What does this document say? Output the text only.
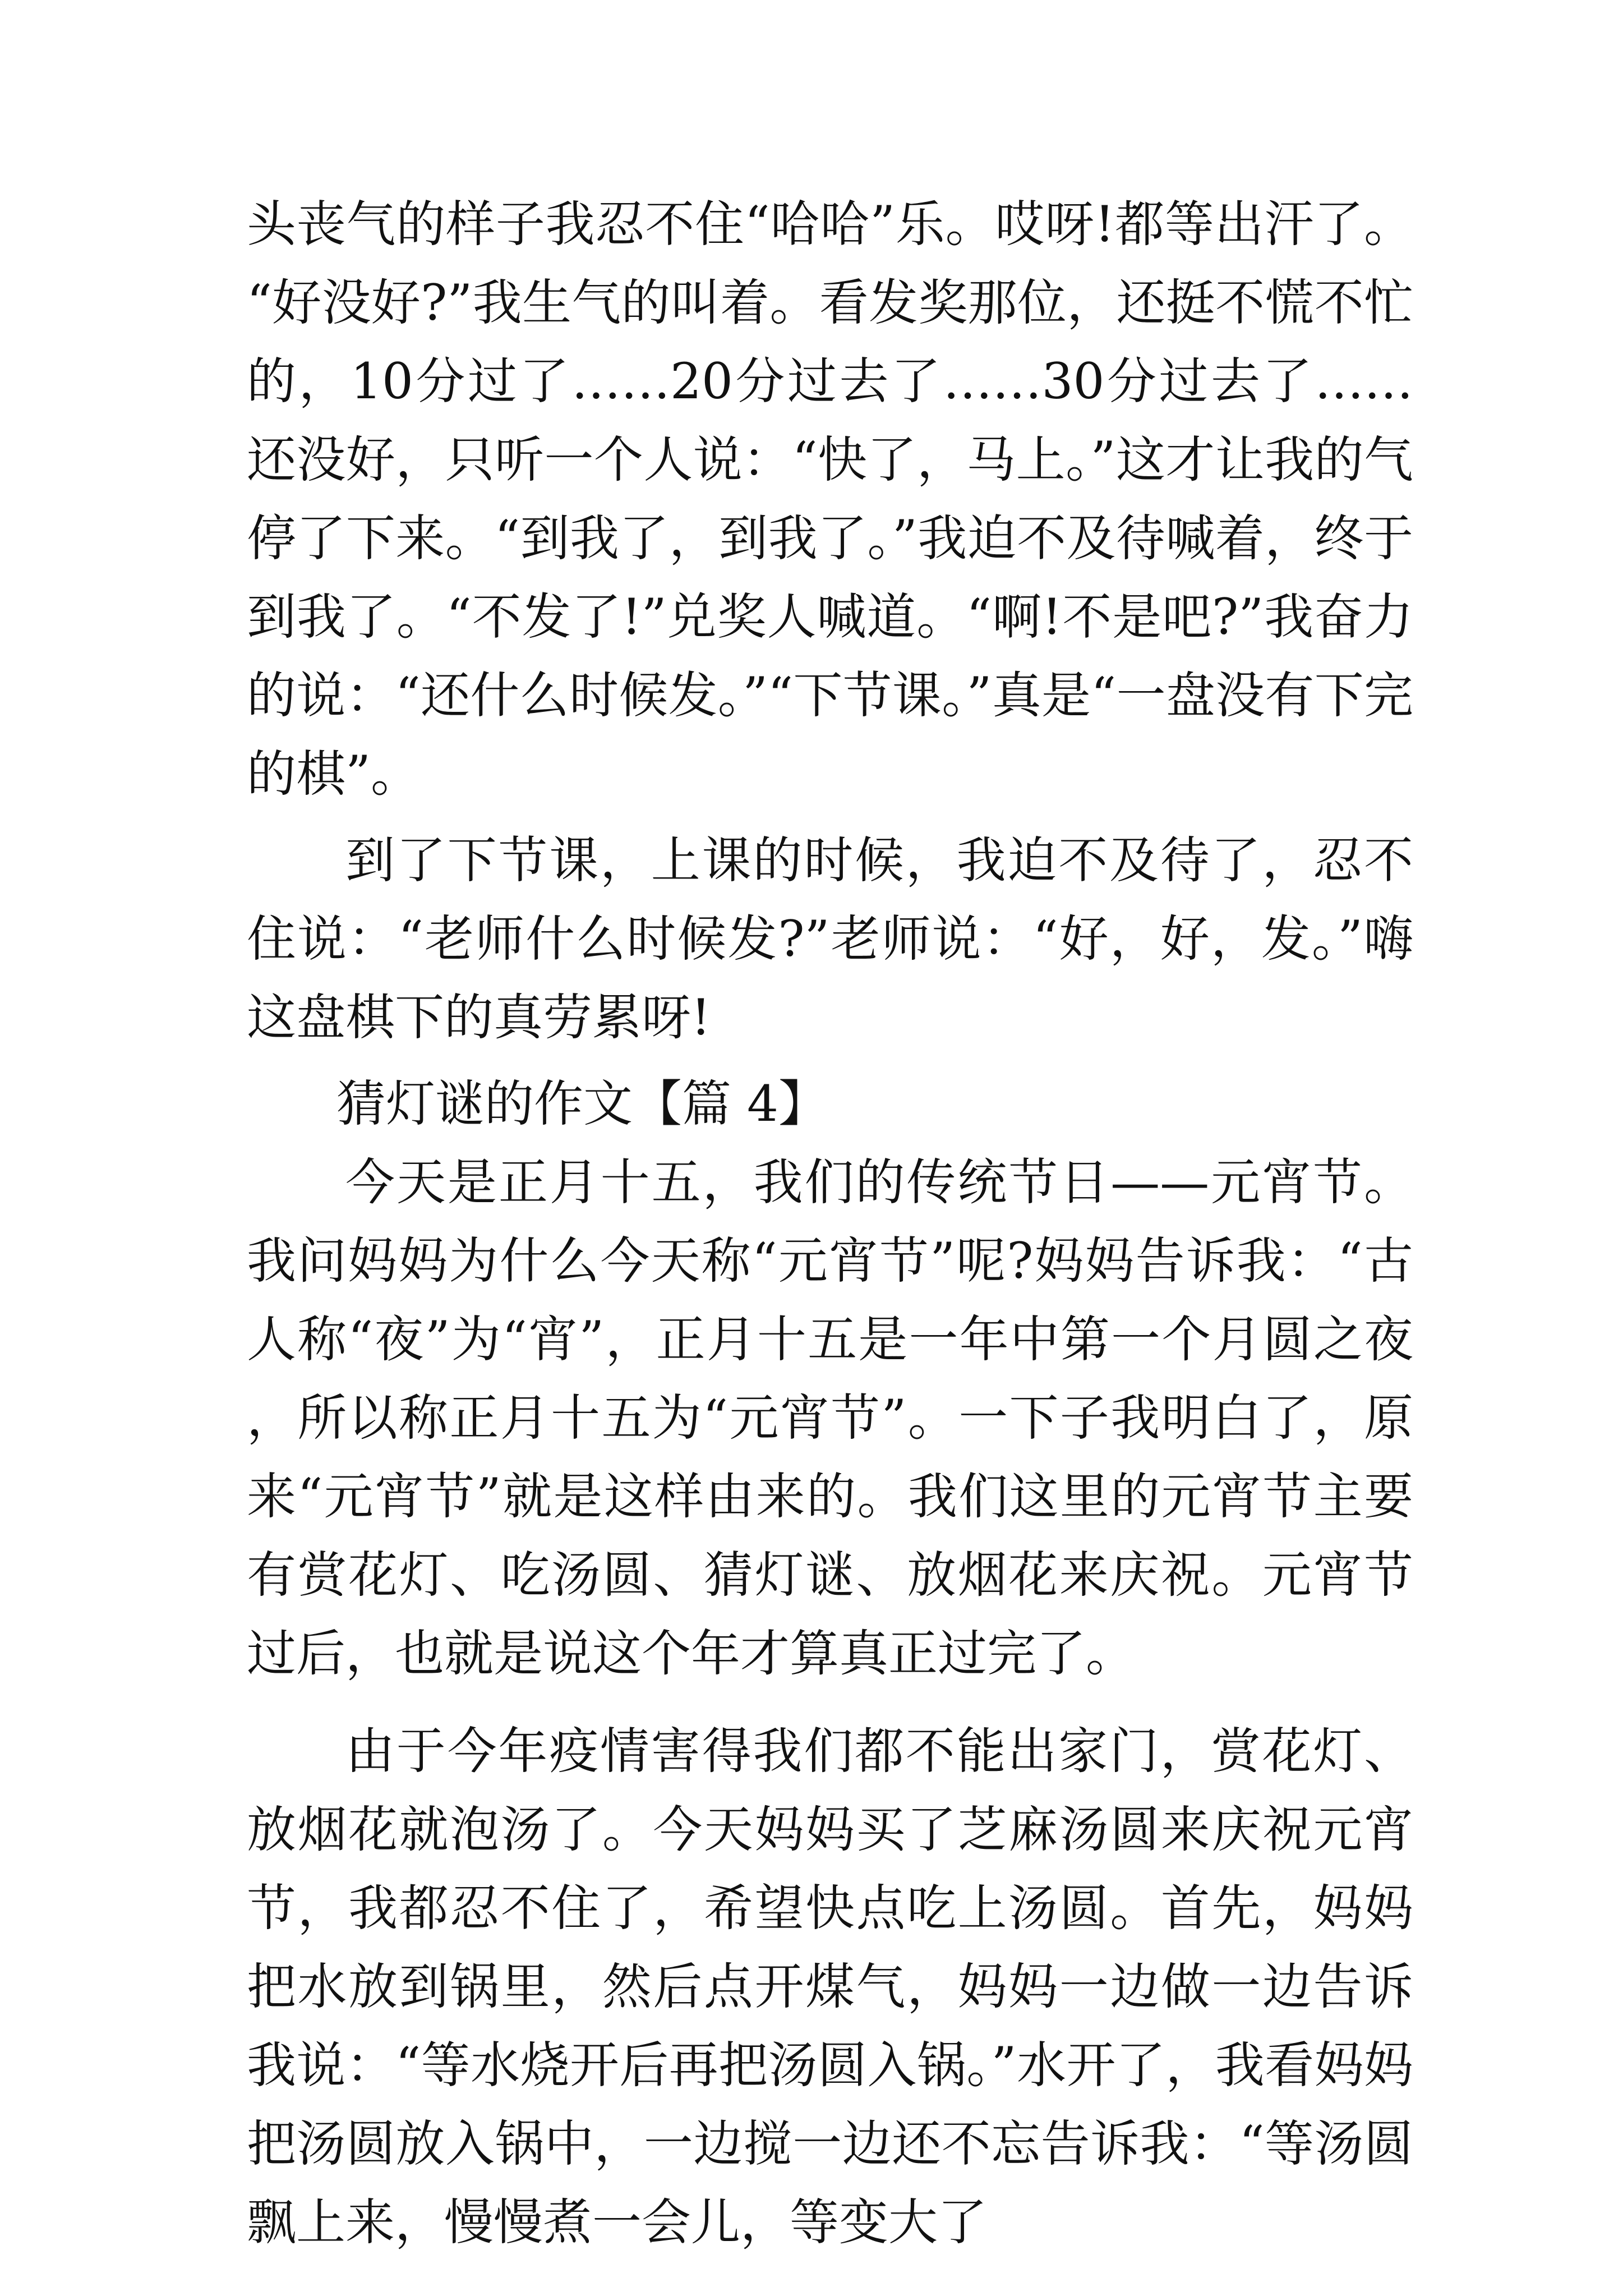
头丧气的样子我忍不住“哈哈”乐。哎呀!都等出汗了。“好没好?”我生气的叫着。看发奖那位，还挺不慌不忙的，10分过了……20分过去了……30分过去了……还没好，只听一个人说：“快了，马上。”这才让我的气停了下来。“到我了，到我了。”我迫不及待喊着，终于到我了。“不发了!”兑奖人喊道。“啊!不是吧?”我奋力的说：“还什么时候发。”“下节课。”真是“一盘没有下完的棋”。

到了下节课，上课的时候，我迫不及待了，忍不住说：“老师什么时候发?”老师说：“好，好，发。”嗨这盘棋下的真劳累呀!

猜灯谜的作文【篇 4】

今天是正月十五，我们的传统节日——元宵节。我问妈妈为什么今天称“元宵节”呢?妈妈告诉我：“古人称“夜”为“宵”，正月十五是一年中第一个月圆之夜，所以称正月十五为“元宵节”。一下子我明白了，原来“元宵节”就是这样由来的。我们这里的元宵节主要有赏花灯、吃汤圆、猜灯谜、放烟花来庆祝。元宵节过后，也就是说这个年才算真正过完了。

由于今年疫情害得我们都不能出家门，赏花灯、放烟花就泡汤了。今天妈妈买了芝麻汤圆来庆祝元宵节，我都忍不住了，希望快点吃上汤圆。首先，妈妈把水放到锅里，然后点开煤气，妈妈一边做一边告诉我说：“等水烧开后再把汤圆入锅。”水开了，我看妈妈把汤圆放入锅中，一边搅一边还不忘告诉我：“等汤圆飘上来，慢慢煮一会儿，等变大了
